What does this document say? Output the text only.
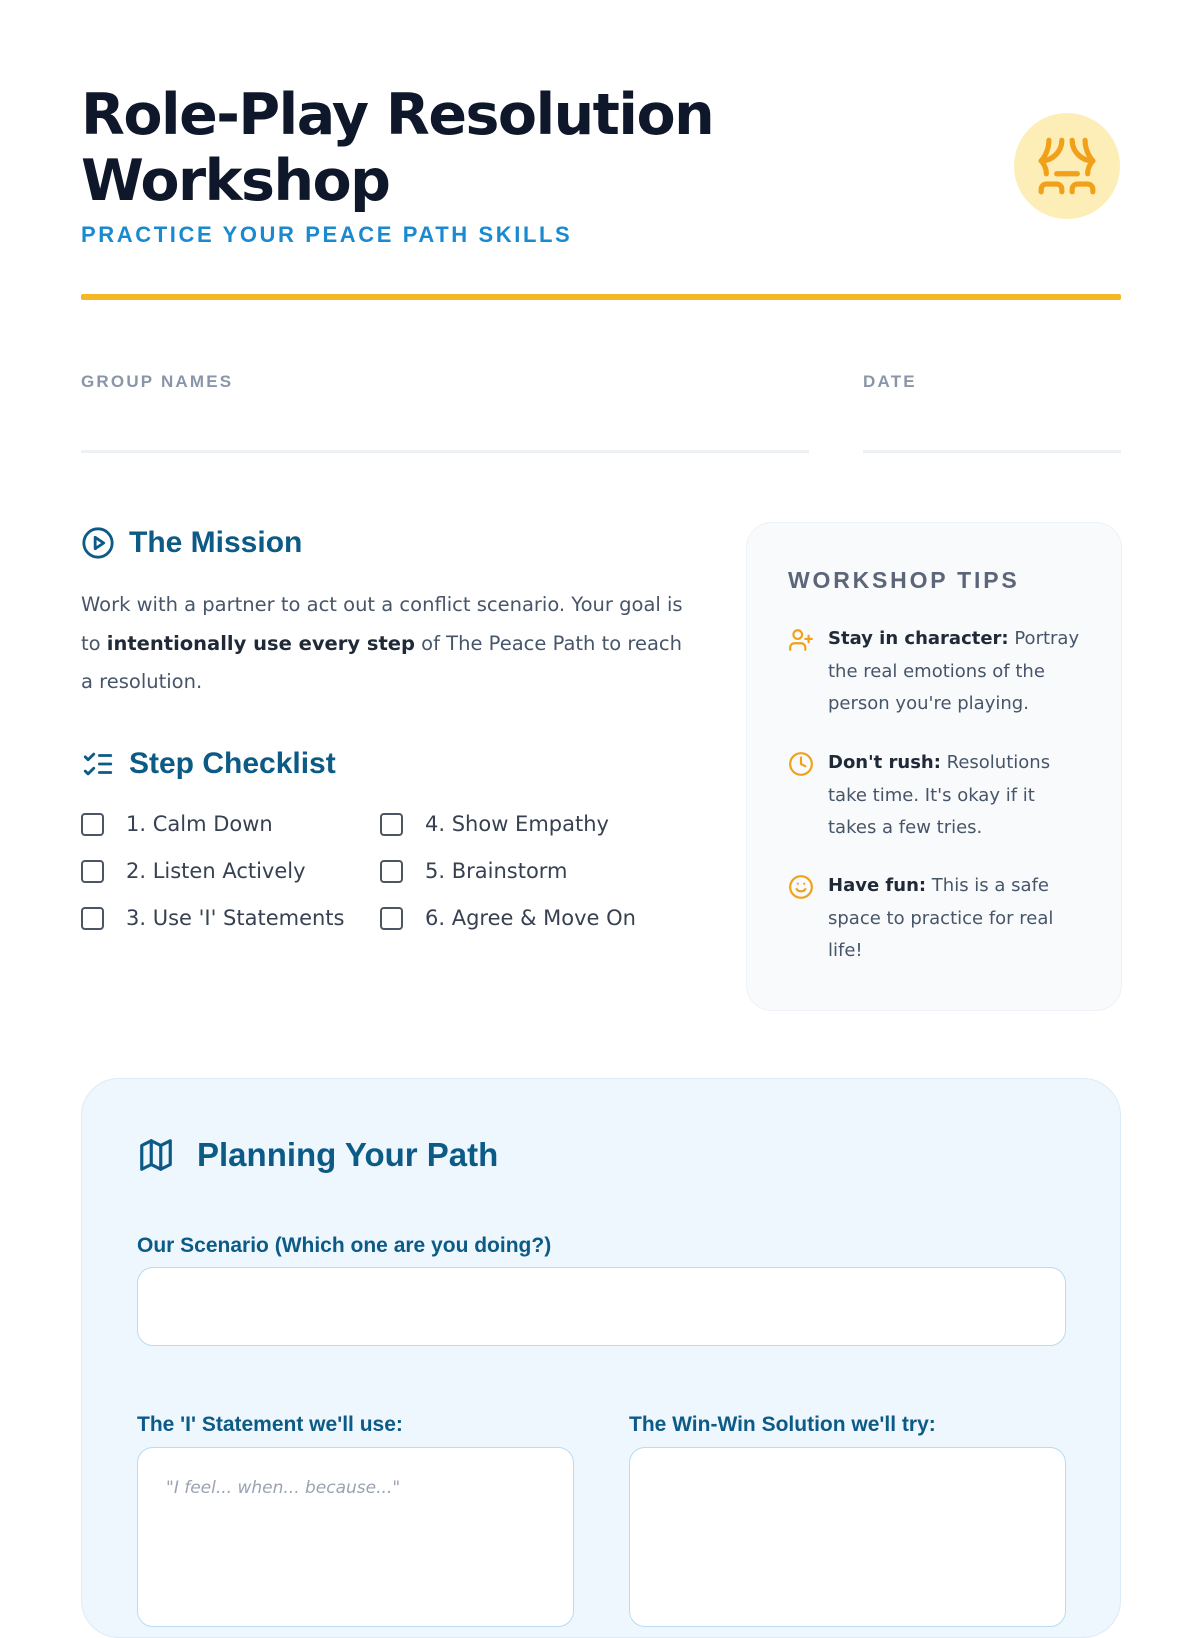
Role-Play Resolution
Workshop
PRACTICE YOUR PEACE PATH SKILLS
GROUP NAMES	DATE
The Mission
Work with a partner to act out a conflict scenario. Your goal is to intentionally use every step of The Peace Path to reach a resolution.
Step Checklist
1. Calm Down
2. Listen Actively
3. Use 'I' Statements
4. Show Empathy
5. Brainstorm
6. Agree & Move On
WORKSHOP TIPS
Stay in character: Portray the real emotions of the person you're playing.
Don't rush: Resolutions take time. It's okay if it takes a few tries.
Have fun: This is a safe space to practice for real life!
Planning Your Path
Our Scenario (Which one are you doing?)
The 'I' Statement we'll use:
"I feel... when... because..."
The Win-Win Solution we'll try:
